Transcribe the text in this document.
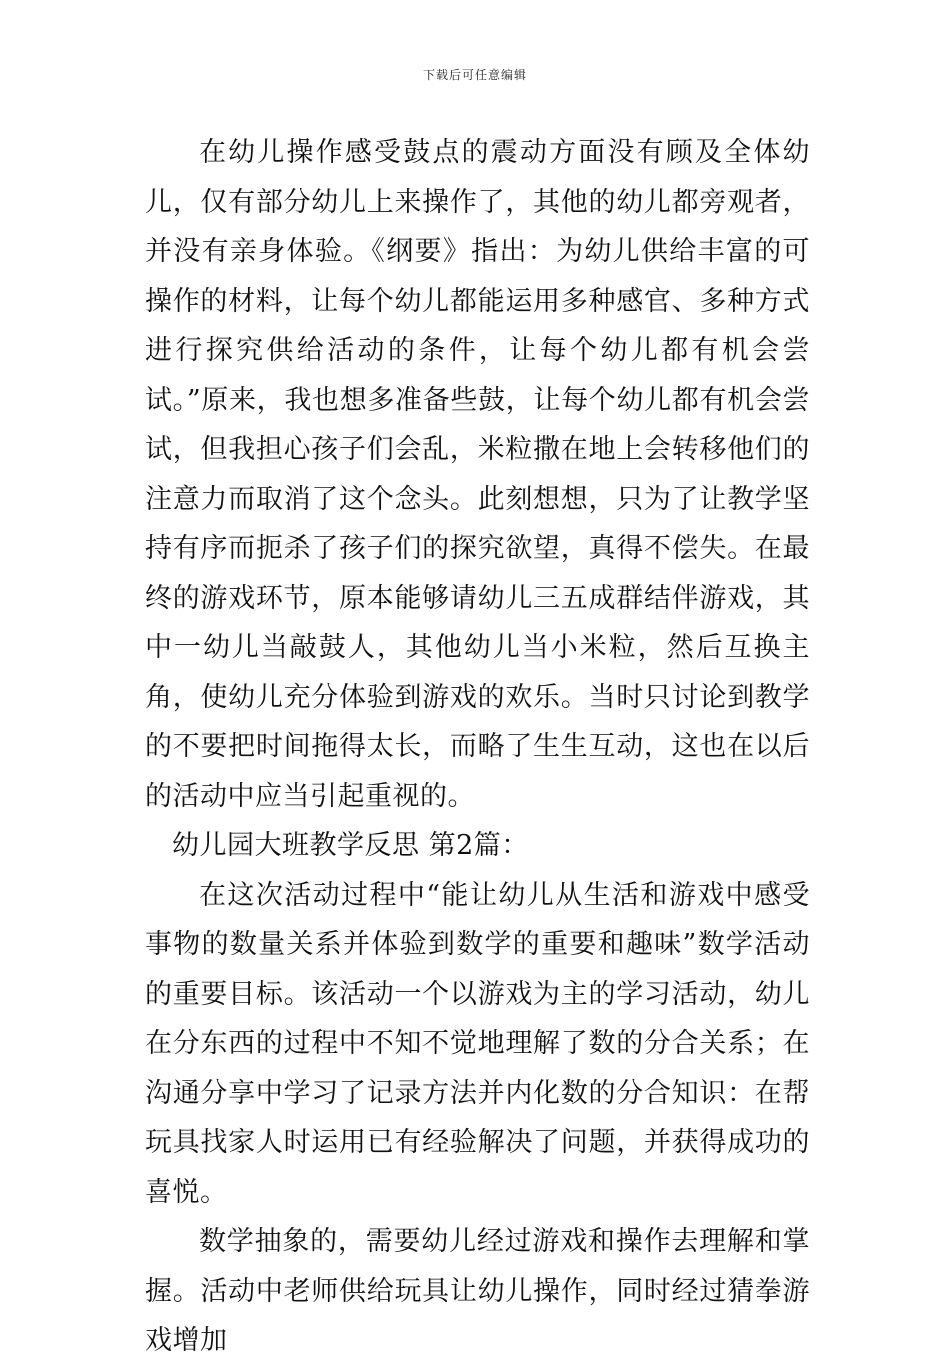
下载后可任意编辑

在幼儿操作感受鼓点的震动方面没有顾及全体幼儿，仅有部分幼儿上来操作了，其他的幼儿都旁观者，并没有亲身体验。《纲要》指出：为幼儿供给丰富的可操作的材料，让每个幼儿都能运用多种感官、多种方式进行探究供给活动的条件，让每个幼儿都有机会尝试。”原来，我也想多准备些鼓，让每个幼儿都有机会尝试，但我担心孩子们会乱，米粒撒在地上会转移他们的注意力而取消了这个念头。此刻想想，只为了让教学坚持有序而扼杀了孩子们的探究欲望，真得不偿失。在最终的游戏环节，原本能够请幼儿三五成群结伴游戏，其中一幼儿当敲鼓人，其他幼儿当小米粒，然后互换主角，使幼儿充分体验到游戏的欢乐。当时只讨论到教学的不要把时间拖得太长，而略了生生互动，这也在以后的活动中应当引起重视的。

幼儿园大班教学反思 第2篇：

在这次活动过程中“能让幼儿从生活和游戏中感受事物的数量关系并体验到数学的重要和趣味”数学活动的重要目标。该活动一个以游戏为主的学习活动，幼儿在分东西的过程中不知不觉地理解了数的分合关系；在沟通分享中学习了记录方法并内化数的分合知识：在帮玩具找家人时运用已有经验解决了问题，并获得成功的喜悦。

数学抽象的，需要幼儿经过游戏和操作去理解和掌握。活动中老师供给玩具让幼儿操作，同时经过猜拳游戏增加
